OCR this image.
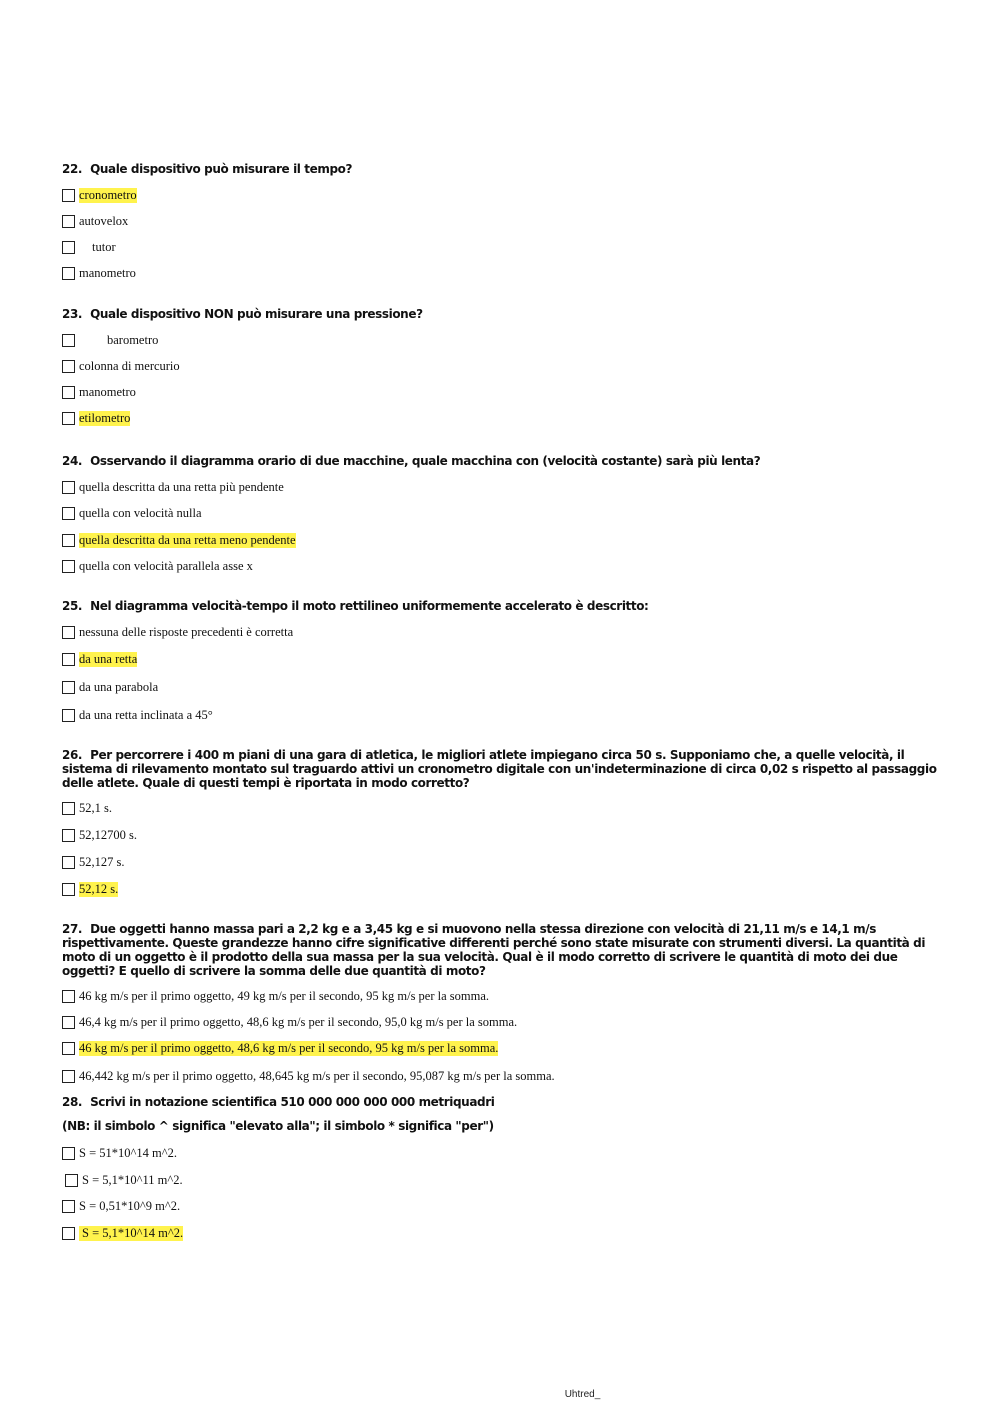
22. Quale dispositivo può misurare il tempo?

cronometro
autovelox
tutor
manometro

23. Quale dispositivo NON può misurare una pressione?

barometro
colonna di mercurio
manometro
etilometro

24. Osservando il diagramma orario di due macchine, quale macchina con (velocità costante) sarà più lenta?

quella descritta da una retta più pendente
quella con velocità nulla
quella descritta da una retta meno pendente
quella con velocità parallela asse x

25. Nel diagramma velocità-tempo il moto rettilineo uniformemente accelerato è descritto:

nessuna delle risposte precedenti è corretta
da una retta
da una parabola
da una retta inclinata a 45°

26. Per percorrere i 400 m piani di una gara di atletica, le migliori atlete impiegano circa 50 s. Supponiamo che, a quelle velocità, il sistema di rilevamento montato sul traguardo attivi un cronometro digitale con un'indeterminazione di circa 0,02 s rispetto al passaggio delle atlete. Quale di questi tempi è riportata in modo corretto?

52,1 s.
52,12700 s.
52,127 s.
52,12 s.

27. Due oggetti hanno massa pari a 2,2 kg e a 3,45 kg e si muovono nella stessa direzione con velocità di 21,11 m/s e 14,1 m/s rispettivamente. Queste grandezze hanno cifre significative differenti perché sono state misurate con strumenti diversi. La quantità di moto di un oggetto è il prodotto della sua massa per la sua velocità. Qual è il modo corretto di scrivere le quantità di moto dei due oggetti? E quello di scrivere la somma delle due quantità di moto?

46 kg m/s per il primo oggetto, 49 kg m/s per il secondo, 95 kg m/s per la somma.
46,4 kg m/s per il primo oggetto, 48,6 kg m/s per il secondo, 95,0 kg m/s per la somma.
46 kg m/s per il primo oggetto, 48,6 kg m/s per il secondo, 95 kg m/s per la somma.
46,442 kg m/s per il primo oggetto, 48,645 kg m/s per il secondo, 95,087 kg m/s per la somma.

28. Scrivi in notazione scientifica 510 000 000 000 000 metriquadri

(NB: il simbolo ^ significa "elevato alla"; il simbolo * significa "per")
S = 51*10^14 m^2.
S = 5,1*10^11 m^2.
S = 0,51*10^9 m^2.
S = 5,1*10^14 m^2.
Uhtred_
